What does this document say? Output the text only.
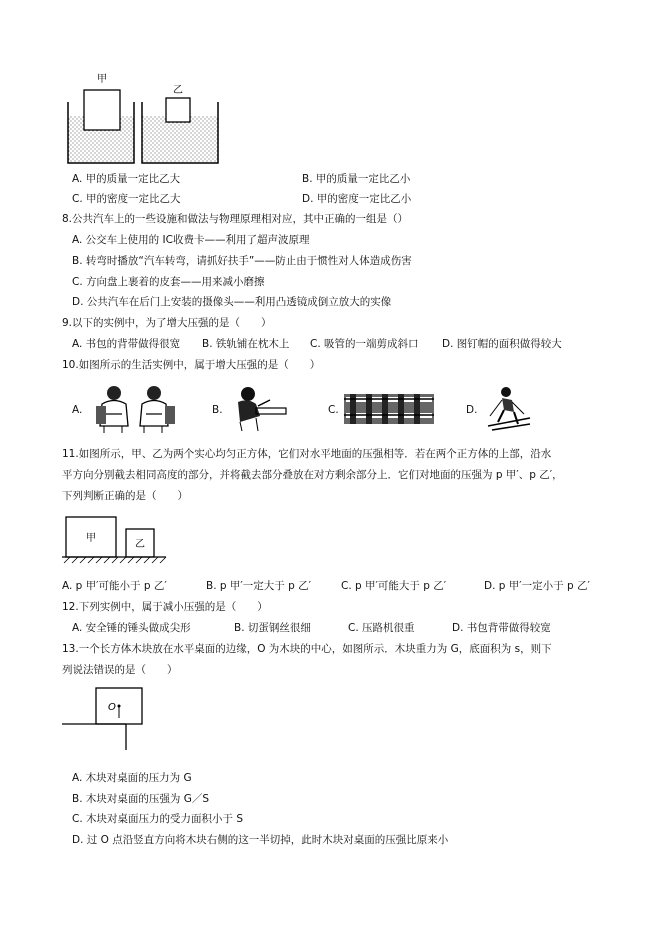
甲
乙
A. 甲的质量一定比乙大	B. 甲的质量一定比乙小
C. 甲的密度一定比乙大	D. 甲的密度一定比乙小
8.公共汽车上的一些设施和做法与物理原理相对应，其中正确的一组是（）
A. 公交车上使用的 IC收费卡——利用了超声波原理
B. 转弯时播放“汽车转弯，请抓好扶手”——防止由于惯性对人体造成伤害
C. 方向盘上裹着的皮套——用来减小磨擦
D. 公共汽车在后门上安装的摄像头——利用凸透镜成倒立放大的实像
9.以下的实例中，为了增大压强的是（　　）
A. 书包的背带做得很宽 B. 铁轨铺在枕木上 C. 吸管的一端剪成斜口 D. 图钉帽的面积做得较大
10.如图所示的生活实例中，属于增大压强的是（　　）
A.	B.	C.	D.
11.如图所示，甲、乙为两个实心均匀正方体，它们对水平地面的压强相等．若在两个正方体的上部，沿水
平方向分别截去相同高度的部分，并将截去部分叠放在对方剩余部分上．它们对地面的压强为 p 甲′、p 乙′，
下列判断正确的是（　　）
甲
乙
A. p 甲′可能小于 p 乙′	B. p 甲′一定大于 p 乙′	C. p 甲′可能大于 p 乙′	D. p 甲′一定小于 p 乙′
12.下列实例中，属于减小压强的是（　　）
A. 安全锤的锤头做成尖形	B. 切蛋钢丝很细	C. 压路机很重	D. 书包背带做得较宽
13.一个长方体木块放在水平桌面的边缘，O 为木块的中心，如图所示．木块重力为 G，底面积为 s，则下
列说法错误的是（　　）
O
A. 木块对桌面的压力为 G
B. 木块对桌面的压强为 G／S
C. 木块对桌面压力的受力面积小于 S
D. 过 O 点沿竖直方向将木块右侧的这一半切掉，此时木块对桌面的压强比原来小
